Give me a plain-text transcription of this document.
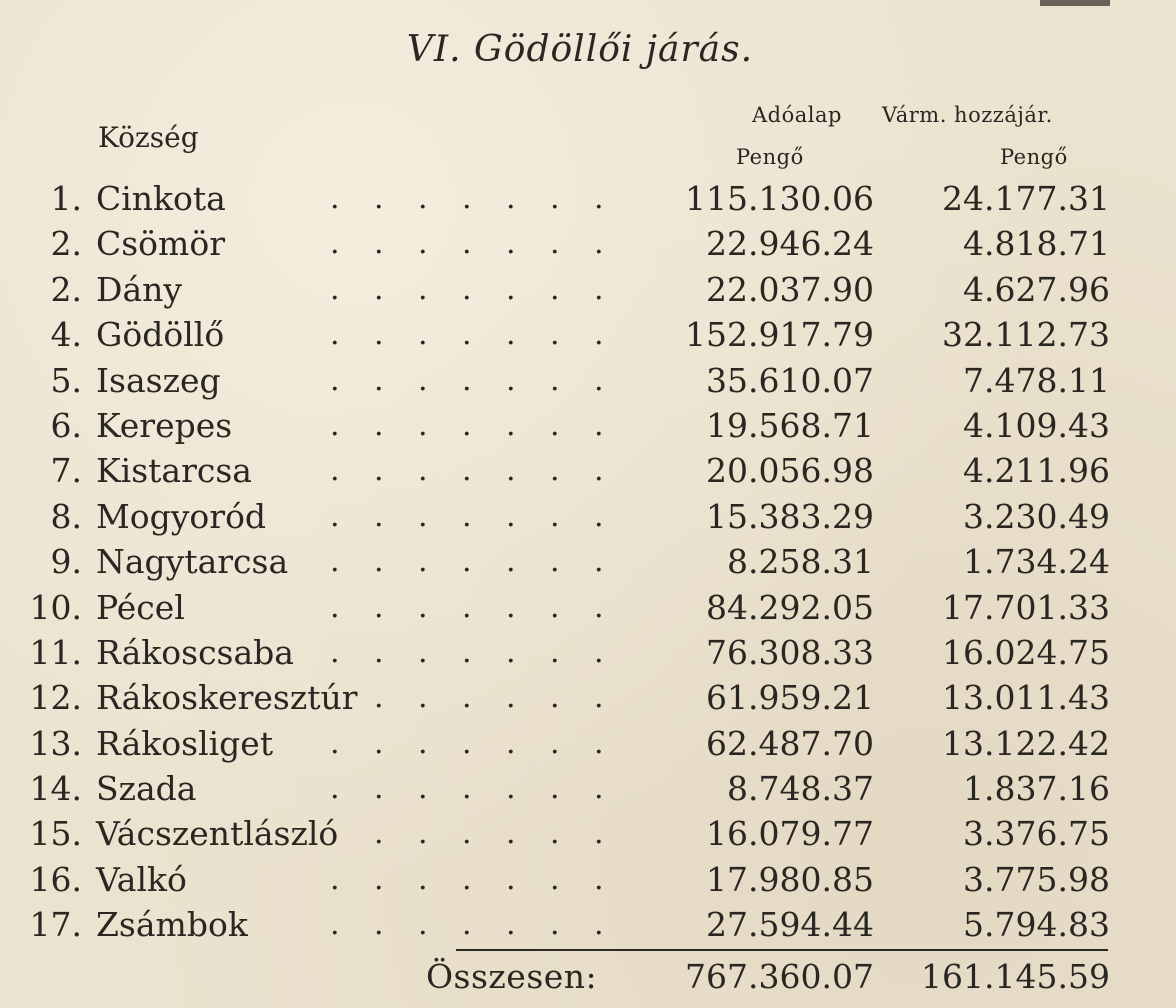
VI. Gödöllői járás.
Község
Adóalap
Pengő
Várm. hozzájár.
Pengő
1. Cinkota	. . . . . . . 115.130.06 24.177.31
2. Csömör	. . . . . . .	22.946.24	4.818.71
2. Dány	. . . . . . .	22.037.90	4.627.96
4. Gödöllő	. . . . . . . 152.917.79 32.112.73
5. Isaszeg	. . . . . . .	35.610.07	7.478.11
6. Kerepes	. . . . . . .	19.568.71	4.109.43
7. Kistarcsa	. . . . . . .	20.056.98	4.211.96
8. Mogyoród . . . . . . .	15.383.29	3.230.49
9. Nagytarcsa . . . . . . .	8.258.31	1.734.24
10. Pécel	. . . . . . .	84.292.05 17.701.33
11. Rákoscsaba . . . . . . .	76.308.33 16.024.75
12. Rákoskeresztúr . . . . . .	61.959.21 13.011.43
13. Rákosliget . . . . . . .	62.487.70 13.122.42
14. Szada	. . . . . . .	8.748.37	1.837.16
15. Vácszentlászló . . . . . .	16.079.77	3.376.75
16. Valkó	. . . . . . .	17.980.85	3.775.98
17. Zsámbok	. . . . . . .	27.594.44	5.794.83
Összesen:	767.360.07 161.145.59
